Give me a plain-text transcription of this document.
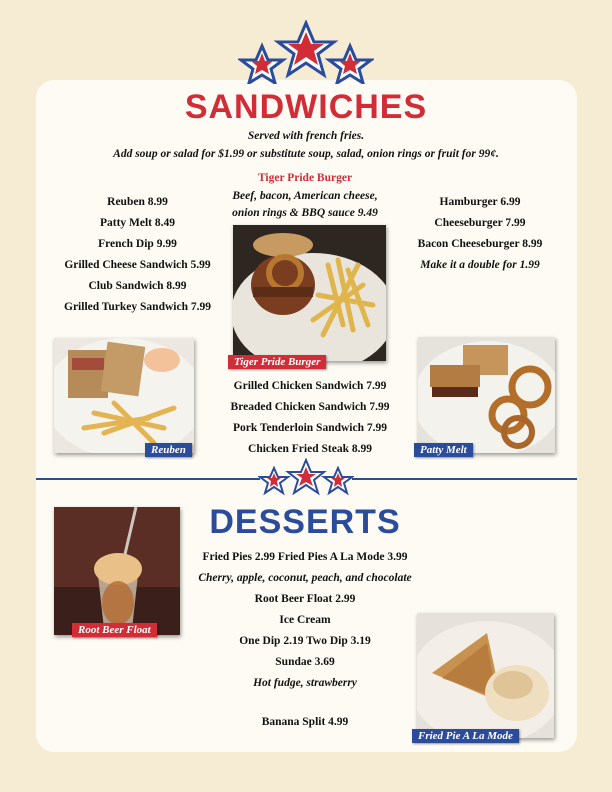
SANDWICHES
Served with french fries.
Add soup or salad for $1.99 or substitute soup, salad, onion rings or fruit for 99¢.
Reuben 8.99
Patty Melt 8.49
French Dip 9.99
Grilled Cheese Sandwich 5.99
Club Sandwich 8.99
Grilled Turkey Sandwich 7.99
Tiger Pride Burger
Beef, bacon, American cheese,
onion rings & BBQ sauce 9.49
Hamburger 6.99
Cheeseburger 7.99
Bacon Cheeseburger 8.99
Make it a double for 1.99
Tiger Pride Burger
Reuben	Patty Melt
Grilled Chicken Sandwich 7.99
Breaded Chicken Sandwich 7.99
Pork Tenderloin Sandwich 7.99
Chicken Fried Steak 8.99
DESSERTS
Root Beer Float
Fried Pies 2.99 Fried Pies A La Mode 3.99
Cherry, apple, coconut, peach, and chocolate
Root Beer Float 2.99
Ice Cream
One Dip 2.19 Two Dip 3.19
Sundae 3.69
Hot fudge, strawberry
Banana Split 4.99
Fried Pie A La Mode
